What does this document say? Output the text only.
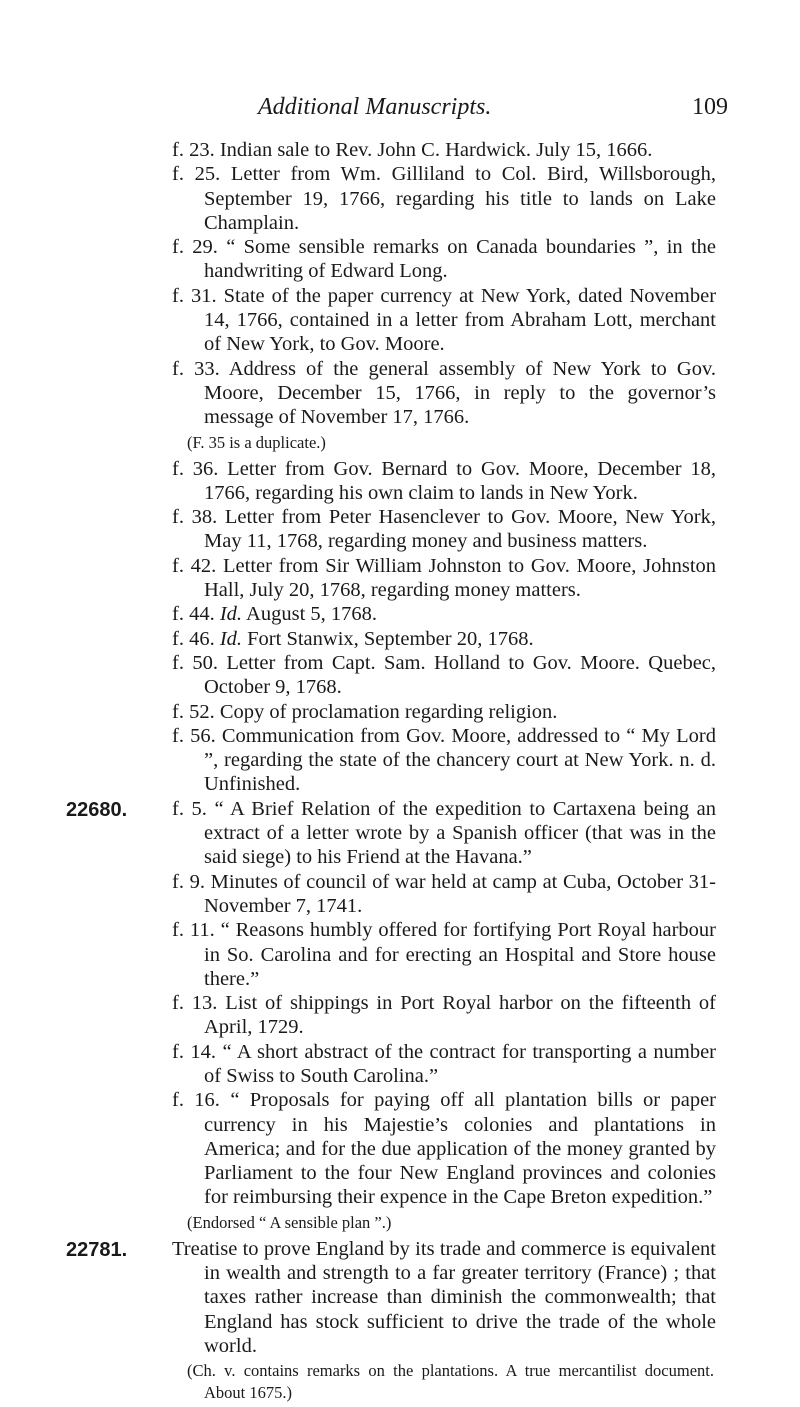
Additional Manuscripts.	109
f. 23. Indian sale to Rev. John C. Hardwick. July 15, 1666.
f. 25. Letter from Wm. Gilliland to Col. Bird, Willsborough, September 19, 1766, regarding his title to lands on Lake Champlain.
f. 29. “ Some sensible remarks on Canada boundaries ”, in the handwriting of Edward Long.
f. 31. State of the paper currency at New York, dated November 14, 1766, contained in a letter from Abraham Lott, merchant of New York, to Gov. Moore.
f. 33. Address of the general assembly of New York to Gov. Moore, December 15, 1766, in reply to the governor’s message of November 17, 1766.
(F. 35 is a duplicate.)
f. 36. Letter from Gov. Bernard to Gov. Moore, December 18, 1766, regarding his own claim to lands in New York.
f. 38. Letter from Peter Hasenclever to Gov. Moore, New York, May 11, 1768, regarding money and business matters.
f. 42. Letter from Sir William Johnston to Gov. Moore, Johnston Hall, July 20, 1768, regarding money matters.
f. 44. Id. August 5, 1768.
f. 46. Id. Fort Stanwix, September 20, 1768.
f. 50. Letter from Capt. Sam. Holland to Gov. Moore. Quebec, October 9, 1768.
f. 52. Copy of proclamation regarding religion.
f. 56. Communication from Gov. Moore, addressed to “ My Lord ”, regarding the state of the chancery court at New York. n. d. Unfinished.
22680.	f. 5. “ A Brief Relation of the expedition to Cartaxena being an extract of a letter wrote by a Spanish officer (that was in the said siege) to his Friend at the Havana.”
f. 9. Minutes of council of war held at camp at Cuba, October 31-November 7, 1741.
f. 11. “ Reasons humbly offered for fortifying Port Royal harbour in So. Carolina and for erecting an Hospital and Store house there.”
f. 13. List of shippings in Port Royal harbor on the fifteenth of April, 1729.
f. 14. “ A short abstract of the contract for transporting a number of Swiss to South Carolina.”
f. 16. “ Proposals for paying off all plantation bills or paper currency in his Majestie’s colonies and plantations in America; and for the due application of the money granted by Parliament to the four New England provinces and colonies for reimbursing their expence in the Cape Breton expedition.”
(Endorsed “ A sensible plan ”.)
22781.	Treatise to prove England by its trade and commerce is equivalent in wealth and strength to a far greater territory (France) ; that taxes rather increase than diminish the commonwealth; that England has stock sufficient to drive the trade of the whole world.
(Ch. v. contains remarks on the plantations. A true mercantilist document. About 1675.)
